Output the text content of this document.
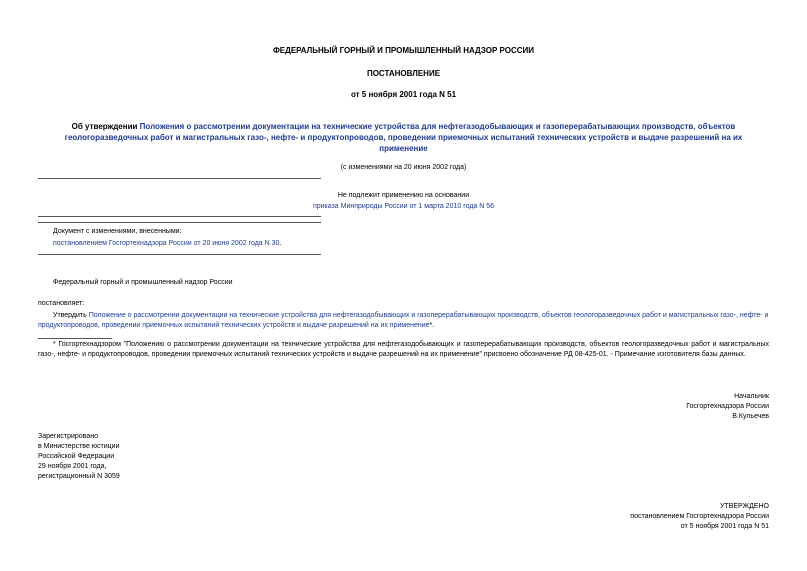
ФЕДЕРАЛЬНЫЙ ГОРНЫЙ И ПРОМЫШЛЕННЫЙ НАДЗОР РОССИИ
ПОСТАНОВЛЕНИЕ
от 5 ноября 2001 года N 51
Об утверждении Положения о рассмотрении документации на технические устройства для нефтегазодобывающих и газоперерабатывающих производств, объектов геологоразведочных работ и магистральных газо-, нефте- и продуктопроводов, проведении приемочных испытаний технических устройств и выдаче разрешений на их применение
(с изменениями на 20 июня 2002 года)
Не подлежит применению на основании
приказа Минприроды России от 1 марта 2010 года N 56
Документ с изменениями, внесенными:
постановлением Госгортехнадзора России от 20 июня 2002 года N 30.
Федеральный горный и промышленный надзор России
постановляет:
Утвердить Положение о рассмотрении документации на технические устройства для нефтегазодобывающих и газоперерабатывающих производств, объектов геологоразведочных работ и магистральных газо-, нефте- и продуктопроводов, проведении приемочных испытаний технических устройств и выдаче разрешений на их применение*.
* Госгортехнадзором "Положению о рассмотрении документации на технические устройства для нефтегазодобывающих и газоперерабатывающих производств, объектов геологоразведочных работ и магистральных газо-, нефте- и продуктопроводов, проведении приемочных испытаний технических устройств и выдаче разрешений на их применение" присвоено обозначение РД 08-425-01. - Примечание изготовителя базы данных.
Начальник
Госгортехнадзора России
В.Кульечев
Зарегистрировано
в Министерстве юстиции
Российской Федерации
29 ноября 2001 года,
регистрационный N 3059
УТВЕРЖДЕНО
постановлением Госгортехнадзора России
от 5 ноября 2001 года N 51
